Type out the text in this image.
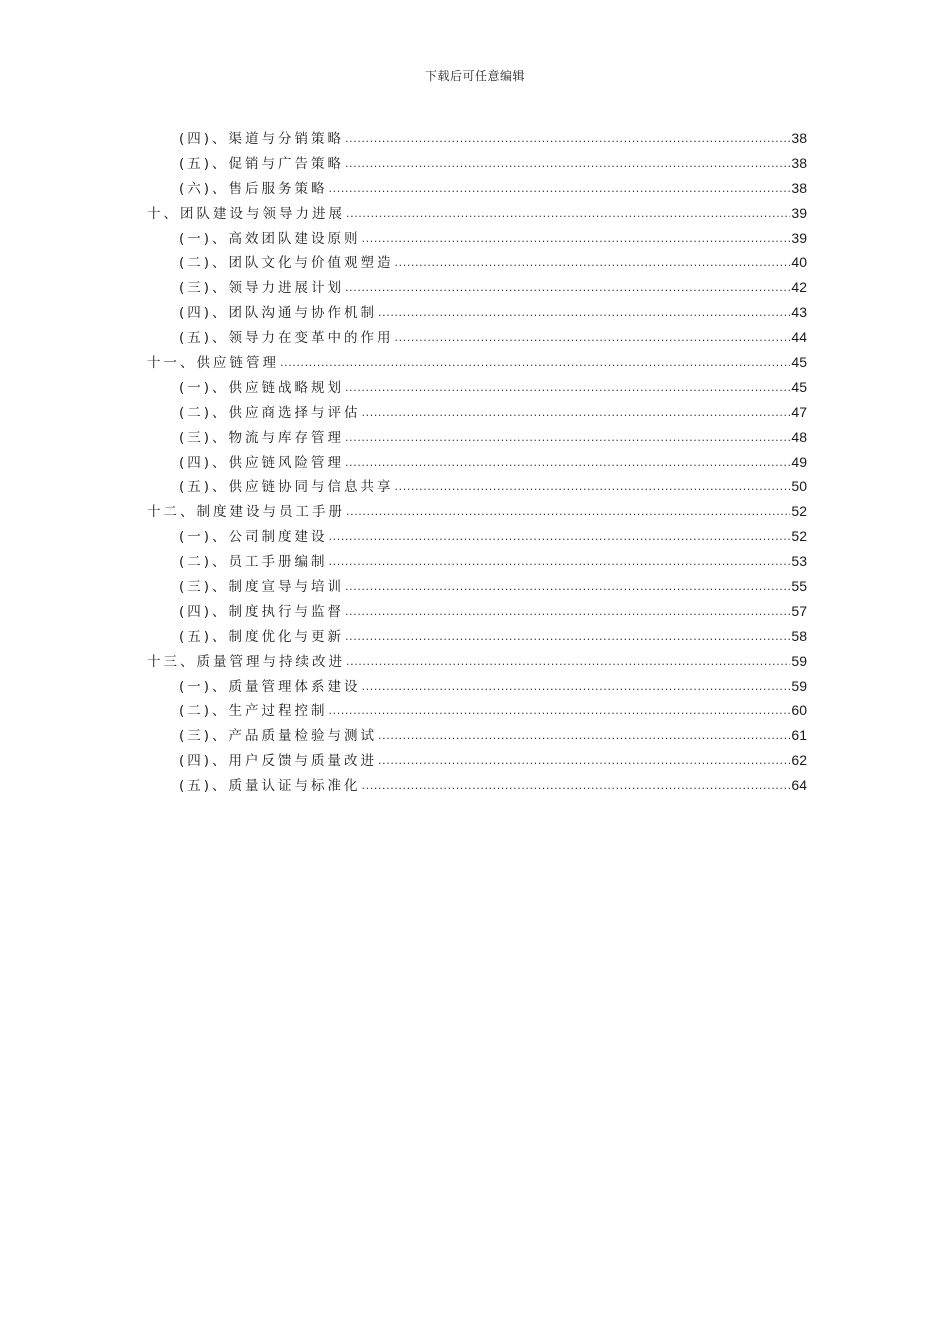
下载后可任意编辑
(四)、渠道与分销策略 .....	38
(五)、促销与广告策略 .....	38
(六)、售后服务策略 .....	38
十、团队建设与领导力进展 .....	39
(一)、高效团队建设原则 .....	39
(二)、团队文化与价值观塑造 .....	40
(三)、领导力进展计划 .....	42
(四)、团队沟通与协作机制 .....	43
(五)、领导力在变革中的作用 .....	44
十一、供应链管理 .....	45
(一)、供应链战略规划 .....	45
(二)、供应商选择与评估 .....	47
(三)、物流与库存管理 .....	48
(四)、供应链风险管理 .....	49
(五)、供应链协同与信息共享 .....	50
十二、制度建设与员工手册 .....	52
(一)、公司制度建设 .....	52
(二)、员工手册编制 .....	53
(三)、制度宣导与培训 .....	55
(四)、制度执行与监督 .....	57
(五)、制度优化与更新 .....	58
十三、质量管理与持续改进 .....	59
(一)、质量管理体系建设 .....	59
(二)、生产过程控制 .....	60
(三)、产品质量检验与测试 .....	61
(四)、用户反馈与质量改进 .....	62
(五)、质量认证与标准化 .....	64
